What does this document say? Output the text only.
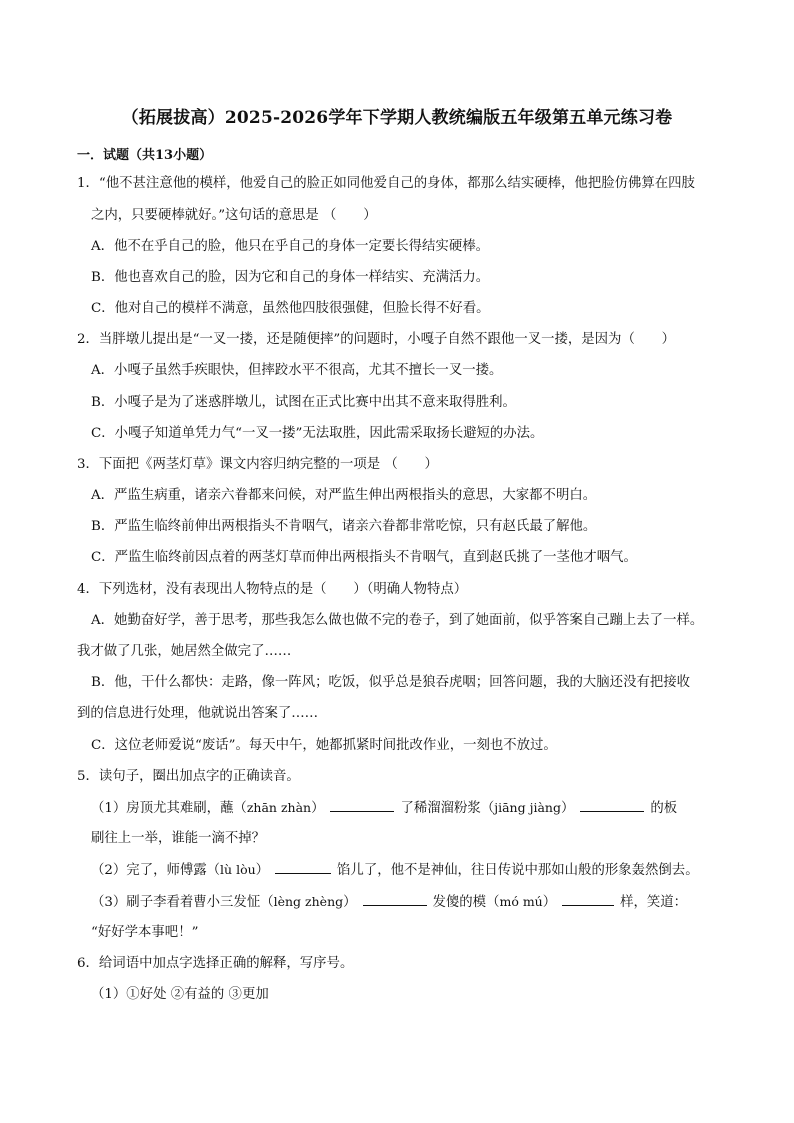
（拓展拔高）2025-2026学年下学期人教统编版五年级第五单元练习卷
一．试题（共13小题）
1．“他不甚注意他的模样，他爱自己的脸正如同他爱自己的身体，都那么结实硬棒，他把脸仿佛算在四肢
之内，只要硬棒就好。”这句话的意思是 （　　）
A．他不在乎自己的脸，他只在乎自己的身体一定要长得结实硬棒。
B．他也喜欢自己的脸，因为它和自己的身体一样结实、充满活力。
C．他对自己的模样不满意，虽然他四肢很强健，但脸长得不好看。
2．当胖墩儿提出是“一叉一搂，还是随便摔”的问题时，小嘎子自然不跟他一叉一搂，是因为（　　）
A．小嘎子虽然手疾眼快，但摔跤水平不很高，尤其不擅长一叉一搂。
B．小嘎子是为了迷惑胖墩儿，试图在正式比赛中出其不意来取得胜利。
C．小嘎子知道单凭力气“一叉一搂”无法取胜，因此需采取扬长避短的办法。
3．下面把《两茎灯草》课文内容归纳完整的一项是 （　　）
A．严监生病重，诸亲六眷都来问候，对严监生伸出两根指头的意思，大家都不明白。
B．严监生临终前伸出两根指头不肯咽气，诸亲六眷都非常吃惊，只有赵氏最了解他。
C．严监生临终前因点着的两茎灯草而伸出两根指头不肯咽气，直到赵氏挑了一茎他才咽气。
4．下列选材，没有表现出人物特点的是（　　）（明确人物特点）
A．她勤奋好学，善于思考，那些我怎么做也做不完的卷子，到了她面前，似乎答案自己蹦上去了一样。
我才做了几张，她居然全做完了……
B．他，干什么都快：走路，像一阵风；吃饭，似乎总是狼吞虎咽；回答问题，我的大脑还没有把接收
到的信息进行处理，他就说出答案了……
C．这位老师爱说“废话”。每天中午，她都抓紧时间批改作业，一刻也不放过。
5．读句子，圈出加点字的正确读音。
（1）房顶尤其难刷，蘸（zhān zhàn）	了稀溜溜粉浆（jiāng jiàng）	的板
刷往上一举，谁能一滴不掉？
（2）完了，师傅露（lù lòu）	馅儿了，他不是神仙，往日传说中那如山般的形象轰然倒去。
（3）刷子李看着曹小三发怔（lèng zhèng）	发傻的模（mó mú）	样，笑道：
“好好学本事吧！”
6．给词语中加点字选择正确的解释，写序号。
（1）①好处 ②有益的 ③更加
